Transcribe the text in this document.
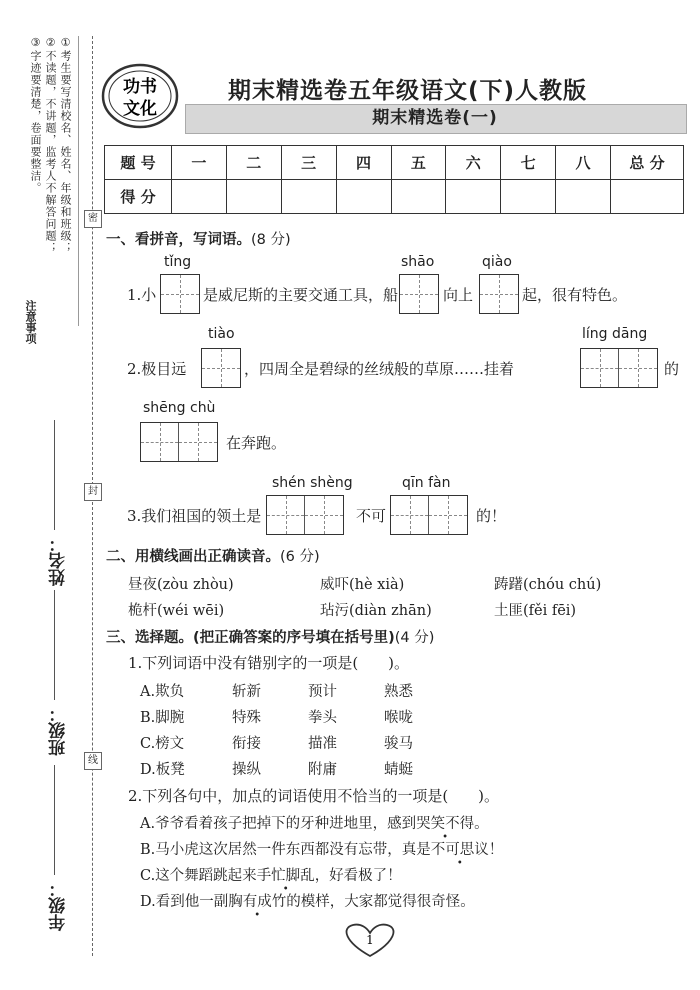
①考生要写清校名、姓名、年级和班级；
②不读题，不讲题，监考人不解答问题；
③字迹要清楚，卷面要整洁。
注意事项
姓名：
班级：
年级：
密
封
线
功书
文化
期末精选卷五年级语文(下)人教版
期末精选卷(一)
题 号	一	二	三	四	五	六	七	八	总 分
得 分									
一、看拼音，写词语。(8 分)
tǐng	shāo	qiào
1.小	是威尼斯的主要交通工具，船	向上	起，很有特色。
tiào	líng dāng
2.极目远	，四周全是碧绿的丝绒般的草原……挂着	的
shēng chù
在奔跑。
shén shèng	qīn fàn
3.我们祖国的领土是	不可	的！
二、用横线画出正确读音。(6 分)
昼夜(zòu zhòu)	威吓(hè xià)	踌躇(chóu chú)
桅杆(wéi wēi)	玷污(diàn zhān)	土匪(fěi fēi)
三、选择题。(把正确答案的序号填在括号里)(4 分)
1.下列词语中没有错别字的一项是(　　)。
A.欺负	斩新	预计	熟悉
B.脚腕	特殊	拳头	喉咙
C.榜文	衔接	描准	骏马
D.板凳	操纵	附庸	蜻蜓
2.下列各句中，加点的词语使用不恰当的一项是(　　)。
A.爷爷看着孩子把掉下的牙种进地里，感到哭笑不得。
B.马小虎这次居然一件东西都没有忘带，真是不可思议！
C.这个舞蹈跳起来手忙脚乱，好看极了！
D.看到他一副胸有成竹的模样，大家都觉得很奇怪。
1
